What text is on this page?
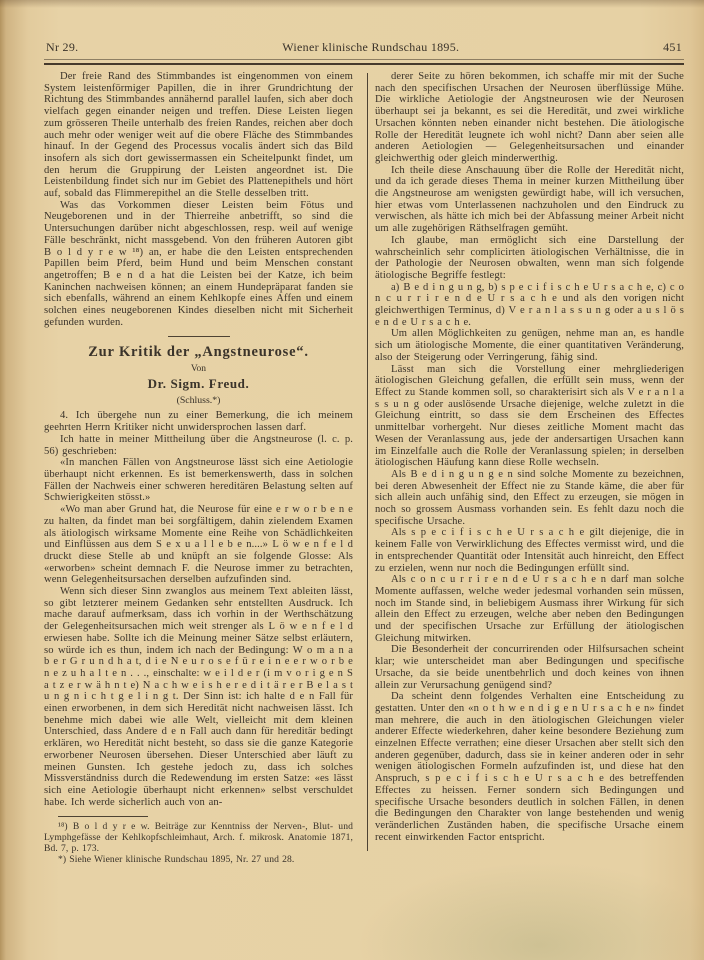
Nr 29.	Wiener klinische Rundschau 1895.	451

Der freie Rand des Stimmbandes ist eingenommen von einem System leistenförmiger Papillen, die in ihrer Grundrichtung der Richtung des Stimmbandes annähernd parallel laufen, sich aber doch vielfach gegen einander neigen und treffen. Diese Leisten liegen zum grösseren Theile unterhalb des freien Randes, reichen aber doch auch mehr oder weniger weit auf die obere Fläche des Stimmbandes hinauf. In der Gegend des Processus vocalis ändert sich das Bild insofern als sich dort gewissermassen ein Scheitelpunkt findet, um den herum die Gruppirung der Leisten angeordnet ist. Die Leistenbildung findet sich nur im Gebiet des Plattenepithels und hört auf, sobald das Flimmerepithel an die Stelle desselben tritt.

Was das Vorkommen dieser Leisten beim Fötus und Neugeborenen und in der Thierreihe anbetrifft, so sind die Untersuchungen darüber nicht abgeschlossen, resp. weil auf wenige Fälle beschränkt, nicht massgebend. Von den früheren Autoren gibt B o l d y r e w ¹⁸) an, er habe die den Leisten entsprechenden Papillen beim Pferd, beim Hund und beim Menschen constant angetroffen; B e n d a hat die Leisten bei der Katze, ich beim Kaninchen nachweisen können; an einem Hundepräparat fanden sie sich ebenfalls, während an einem Kehlkopfe eines Affen und einem solchen eines neugeborenen Kindes dieselben nicht mit Sicherheit gefunden wurden.

Zur Kritik der „Angstneurose“.
Von
Dr. Sigm. Freud.
(Schluss.*)

4. Ich übergehe nun zu einer Bemerkung, die ich meinem geehrten Herrn Kritiker nicht unwidersprochen lassen darf.

Ich hatte in meiner Mittheilung über die Angstneurose (l. c. p. 56) geschrieben:

«In manchen Fällen von Angstneurose lässt sich eine Aetiologie überhaupt nicht erkennen. Es ist bemerkenswerth, dass in solchen Fällen der Nachweis einer schweren hereditären Belastung selten auf Schwierigkeiten stösst.»

«Wo man aber Grund hat, die Neurose für eine e r w o r b e n e zu halten, da findet man bei sorgfältigem, dahin zielendem Examen als ätiologisch wirksame Momente eine Reihe von Schädlichkeiten und Einflüssen aus dem S e x u a l l e b e n....» L ö w e n f e l d druckt diese Stelle ab und knüpft an sie folgende Glosse: Als «erworben» scheint demnach F. die Neurose immer zu betrachten, wenn Gelegenheitsursachen derselben aufzufinden sind.

Wenn sich dieser Sinn zwanglos aus meinem Text ableiten lässt, so gibt letzterer meinem Gedanken sehr entstellten Ausdruck. Ich mache darauf aufmerksam, dass ich vorhin in der Werthschätzung der Gelegenheitsursachen mich weit strenger als L ö w e n f e l d erwiesen habe. Sollte ich die Meinung meiner Sätze selbst erläutern, so würde ich es thun, indem ich nach der Bedingung: W o m a n a b e r G r u n d h a t, d i e N e u r o s e f ü r e i n e e r w o r b e n e z u h a l t e n . . ., einschalte: w e i l d e r (i m v o r i g e n S a t z e r w ä h n t e) N a c h w e i s h e r e d i t ä r e r B e l a s t u n g n i c h t g e l i n g t. Der Sinn ist: ich halte d e n Fall für einen erworbenen, in dem sich Heredität nicht nachweisen lässt. Ich benehme mich dabei wie alle Welt, vielleicht mit dem kleinen Unterschied, dass Andere d e n Fall auch dann für hereditär bedingt erklären, wo Heredität nicht besteht, so dass sie die ganze Kategorie erworbener Neurosen übersehen. Dieser Unterschied aber läuft zu meinen Gunsten. Ich gestehe jedoch zu, dass ich solches Missverständniss durch die Redewendung im ersten Satze: «es lässt sich eine Aetiologie überhaupt nicht erkennen» selbst verschuldet habe. Ich werde sicherlich auch von an-

¹⁸) B o l d y r e w. Beiträge zur Kenntniss der Nerven-, Blut- und Lymphgefässe der Kehlkopfschleimhaut, Arch. f. mikrosk. Anatomie 1871, Bd. 7, p. 173.

*) Siehe Wiener klinische Rundschau 1895, Nr. 27 und 28.

derer Seite zu hören bekommen, ich schaffe mir mit der Suche nach den specifischen Ursachen der Neurosen überflüssige Mühe. Die wirkliche Aetiologie der Angstneurosen wie der Neurosen überhaupt sei ja bekannt, es sei die Heredität, und zwei wirkliche Ursachen könnten neben einander nicht bestehen. Die ätiologische Rolle der Heredität leugnete ich wohl nicht? Dann aber seien alle anderen Aetiologien — Gelegenheitsursachen und einander gleichwerthig oder gleich minderwerthig.

Ich theile diese Anschauung über die Rolle der Heredität nicht, und da ich gerade dieses Thema in meiner kurzen Mittheilung über die Angstneurose am wenigsten gewürdigt habe, will ich versuchen, hier etwas vom Unterlassenen nachzuholen und den Eindruck zu verwischen, als hätte ich mich bei der Abfassung meiner Arbeit nicht um alle zugehörigen Räthselfragen gemüht.

Ich glaube, man ermöglicht sich eine Darstellung der wahrscheinlich sehr complicirten ätiologischen Verhältnisse, die in der Pathologie der Neurosen obwalten, wenn man sich folgende ätiologische Begriffe festlegt:

a) B e d i n g u n g, b) s p e c i f i s c h e U r s a c h e, c) c o n c u r r i r e n d e U r s a c h e und als den vorigen nicht gleichwerthigen Terminus, d) V e r a n l a s s u n g oder a u s l ö s e n d e U r s a c h e.

Um allen Möglichkeiten zu genügen, nehme man an, es handle sich um ätiologische Momente, die einer quantitativen Veränderung, also der Steigerung oder Verringerung, fähig sind.

Lässt man sich die Vorstellung einer mehrgliederigen ätiologischen Gleichung gefallen, die erfüllt sein muss, wenn der Effect zu Stande kommen soll, so charakterisirt sich als V e r a n l a s s u n g oder auslösende Ursache diejenige, welche zuletzt in die Gleichung eintritt, so dass sie dem Erscheinen des Effectes unmittelbar vorhergeht. Nur dieses zeitliche Moment macht das Wesen der Veranlassung aus, jede der andersartigen Ursachen kann im Einzelfalle auch die Rolle der Veranlassung spielen; in derselben ätiologischen Häufung kann diese Rolle wechseln.

Als B e d i n g u n g e n sind solche Momente zu bezeichnen, bei deren Abwesenheit der Effect nie zu Stande käme, die aber für sich allein auch unfähig sind, den Effect zu erzeugen, sie mögen in noch so grossem Ausmass vorhanden sein. Es fehlt dazu noch die specifische Ursache.

Als s p e c i f i s c h e U r s a c h e gilt diejenige, die in keinem Falle von Verwirklichung des Effectes vermisst wird, und die in entsprechender Quantität oder Intensität auch hinreicht, den Effect zu erzielen, wenn nur noch die Bedingungen erfüllt sind.

Als c o n c u r r i r e n d e U r s a c h e n darf man solche Momente auffassen, welche weder jedesmal vorhanden sein müssen, noch im Stande sind, in beliebigem Ausmass ihrer Wirkung für sich allein den Effect zu erzeugen, welche aber neben den Bedingungen und der specifischen Ursache zur Erfüllung der ätiologischen Gleichung mitwirken.

Die Besonderheit der concurrirenden oder Hilfsursachen scheint klar; wie unterscheidet man aber Bedingungen und specifische Ursache, da sie beide unentbehrlich und doch keines von ihnen allein zur Verursachung genügend sind?

Da scheint denn folgendes Verhalten eine Entscheidung zu gestatten. Unter den «n o t h w e n d i g e n U r s a c h e n» findet man mehrere, die auch in den ätiologischen Gleichungen vieler anderer Effecte wiederkehren, daher keine besondere Beziehung zum einzelnen Effecte verrathen; eine dieser Ursachen aber stellt sich den anderen gegenüber, dadurch, dass sie in keiner anderen oder in sehr wenigen ätiologischen Formeln aufzufinden ist, und diese hat den Anspruch, s p e c i f i s c h e U r s a c h e des betreffenden Effectes zu heissen. Ferner sondern sich Bedingungen und specifische Ursache besonders deutlich in solchen Fällen, in denen die Bedingungen den Charakter von lange bestehenden und wenig veränderlichen Zuständen haben, die specifische Ursache einem recent einwirkenden Factor entspricht.
